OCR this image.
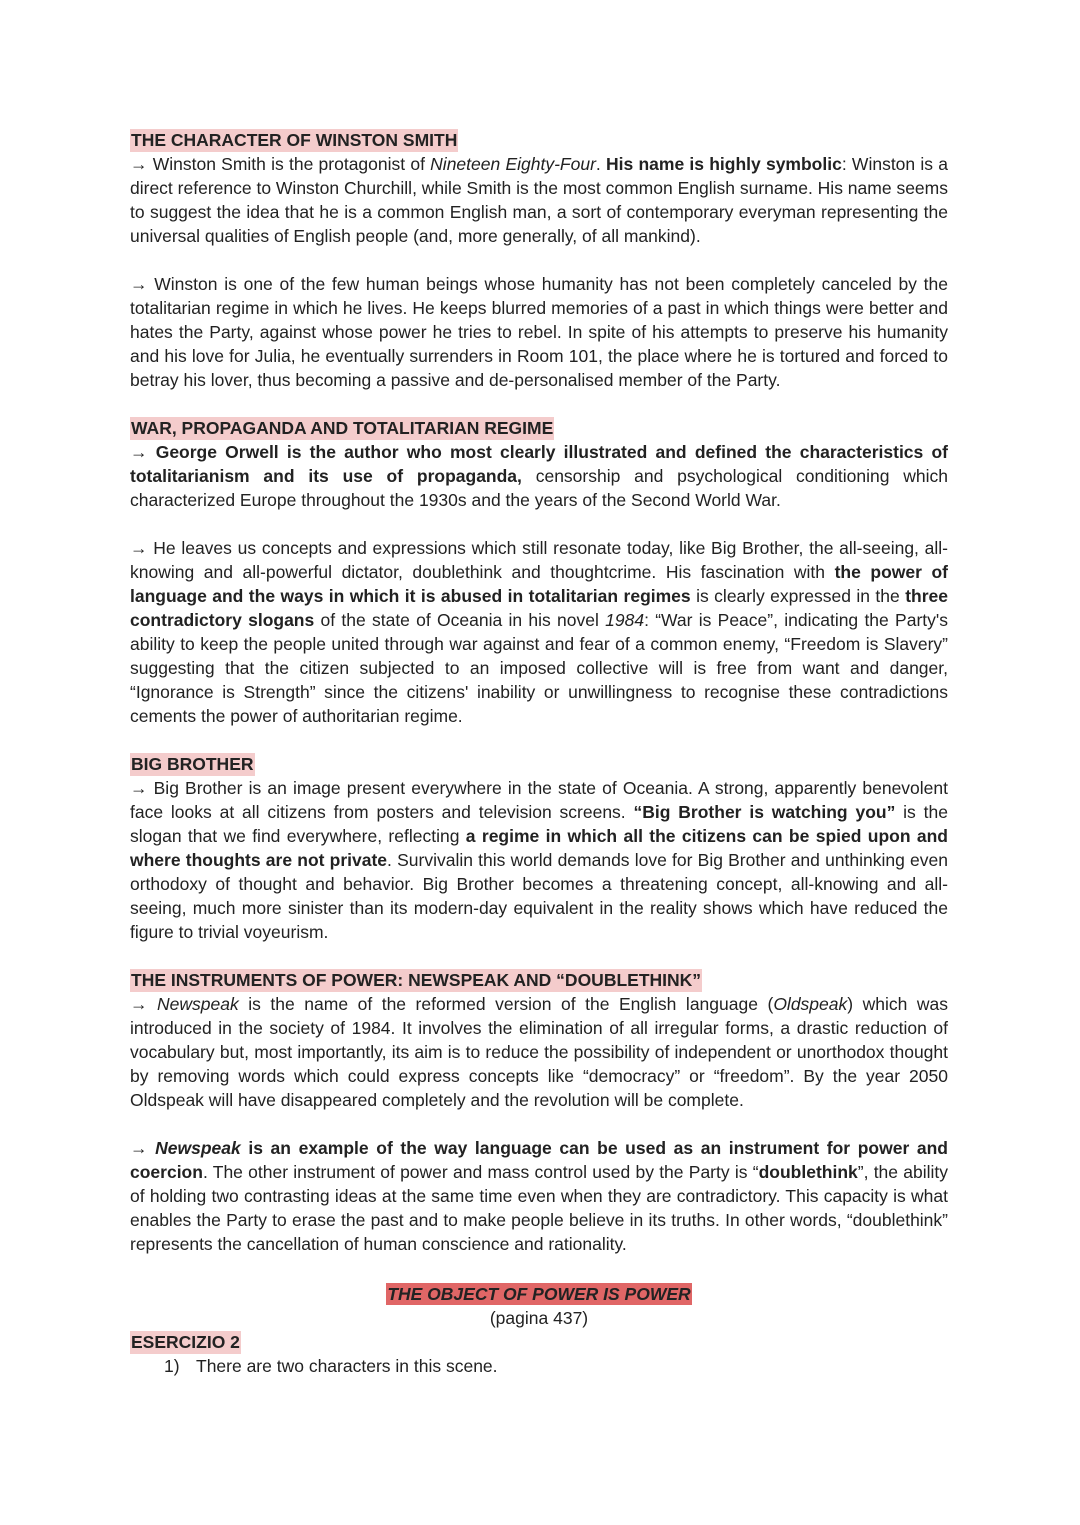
THE CHARACTER OF WINSTON SMITH

→ Winston Smith is the protagonist of Nineteen Eighty-Four. His name is highly symbolic: Winston is a direct reference to Winston Churchill, while Smith is the most common English surname. His name seems to suggest the idea that he is a common English man, a sort of contemporary everyman representing the universal qualities of English people (and, more generally, of all mankind).

→ Winston is one of the few human beings whose humanity has not been completely canceled by the totalitarian regime in which he lives. He keeps blurred memories of a past in which things were better and hates the Party, against whose power he tries to rebel. In spite of his attempts to preserve his humanity and his love for Julia, he eventually surrenders in Room 101, the place where he is tortured and forced to betray his lover, thus becoming a passive and de-personalised member of the Party.

WAR, PROPAGANDA AND TOTALITARIAN REGIME

→ George Orwell is the author who most clearly illustrated and defined the characteristics of totalitarianism and its use of propaganda, censorship and psychological conditioning which characterized Europe throughout the 1930s and the years of the Second World War.

→ He leaves us concepts and expressions which still resonate today, like Big Brother, the all-seeing, all-knowing and all-powerful dictator, doublethink and thoughtcrime. His fascination with the power of language and the ways in which it is abused in totalitarian regimes is clearly expressed in the three contradictory slogans of the state of Oceania in his novel 1984: “War is Peace”, indicating the Party's ability to keep the people united through war against and fear of a common enemy, “Freedom is Slavery” suggesting that the citizen subjected to an imposed collective will is free from want and danger, “Ignorance is Strength” since the citizens' inability or unwillingness to recognise these contradictions cements the power of authoritarian regime.

BIG BROTHER

→ Big Brother is an image present everywhere in the state of Oceania. A strong, apparently benevolent face looks at all citizens from posters and television screens. “Big Brother is watching you” is the slogan that we find everywhere, reflecting a regime in which all the citizens can be spied upon and where thoughts are not private. Survivalin this world demands love for Big Brother and unthinking even orthodoxy of thought and behavior. Big Brother becomes a threatening concept, all-knowing and all-seeing, much more sinister than its modern-day equivalent in the reality shows which have reduced the figure to trivial voyeurism.

THE INSTRUMENTS OF POWER: NEWSPEAK AND “DOUBLETHINK”

→ Newspeak is the name of the reformed version of the English language (Oldspeak) which was introduced in the society of 1984. It involves the elimination of all irregular forms, a drastic reduction of vocabulary but, most importantly, its aim is to reduce the possibility of independent or unorthodox thought by removing words which could express concepts like “democracy” or “freedom”. By the year 2050 Oldspeak will have disappeared completely and the revolution will be complete.

→ Newspeak is an example of the way language can be used as an instrument for power and coercion. The other instrument of power and mass control used by the Party is “doublethink”, the ability of holding two contrasting ideas at the same time even when they are contradictory. This capacity is what enables the Party to erase the past and to make people believe in its truths. In other words, “doublethink” represents the cancellation of human conscience and rationality.

THE OBJECT OF POWER IS POWER
(pagina 437)
ESERCIZIO 2
1) There are two characters in this scene.
